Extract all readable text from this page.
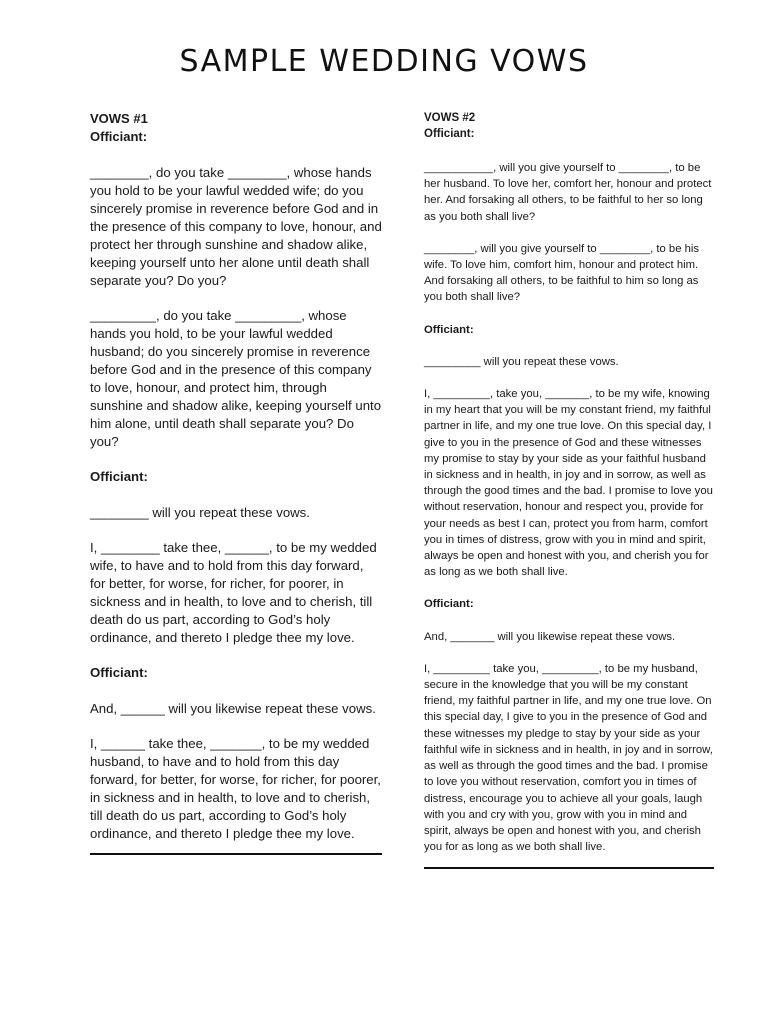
SAMPLE WEDDING VOWS

VOWS #1

Officiant:

________, do you take ________, whose hands you hold to be your lawful wedded wife; do you sincerely promise in reverence before God and in the presence of this company to love, honour, and protect her through sunshine and shadow alike, keeping yourself unto her alone until death shall separate you? Do you?

_________, do you take _________, whose hands you hold, to be your lawful wedded husband; do you sincerely promise in reverence before God and in the presence of this company to love, honour, and protect him, through sunshine and shadow alike, keeping yourself unto him alone, until death shall separate you? Do you?

Officiant:

________ will you repeat these vows.

I, ________ take thee, ______, to be my wedded wife, to have and to hold from this day forward, for better, for worse, for richer, for poorer, in sickness and in health, to love and to cherish, till death do us part, according to God’s holy ordinance, and thereto I pledge thee my love.

Officiant:

And, ______ will you likewise repeat these vows.

I, ______ take thee, _______, to be my wedded husband, to have and to hold from this day forward, for better, for worse, for richer, for poorer, in sickness and in health, to love and to cherish, till death do us part, according to God’s holy ordinance, and thereto I pledge thee my love.

VOWS #2

Officiant:

___________, will you give yourself to ________, to be her husband. To love her, comfort her, honour and protect her. And forsaking all others, to be faithful to her so long as you both shall live?

________, will you give yourself to ________, to be his wife. To love him, comfort him, honour and protect him. And forsaking all others, to be faithful to him so long as you both shall live?

Officiant:

_________ will you repeat these vows.

I, _________, take you, _______, to be my wife, knowing in my heart that you will be my constant friend, my faithful partner in life, and my one true love. On this special day, I give to you in the presence of God and these witnesses my promise to stay by your side as your faithful husband in sickness and in health, in joy and in sorrow, as well as through the good times and the bad. I promise to love you without reservation, honour and respect you, provide for your needs as best I can, protect you from harm, comfort you in times of distress, grow with you in mind and spirit, always be open and honest with you, and cherish you for as long as we both shall live.

Officiant:

And, _______ will you likewise repeat these vows.

I, _________ take you, _________, to be my husband, secure in the knowledge that you will be my constant friend, my faithful partner in life, and my one true love. On this special day, I give to you in the presence of God and these witnesses my pledge to stay by your side as your faithful wife in sickness and in health, in joy and in sorrow, as well as through the good times and the bad. I promise to love you without reservation, comfort you in times of distress, encourage you to achieve all your goals, laugh with you and cry with you, grow with you in mind and spirit, always be open and honest with you, and cherish you for as long as we both shall live.
